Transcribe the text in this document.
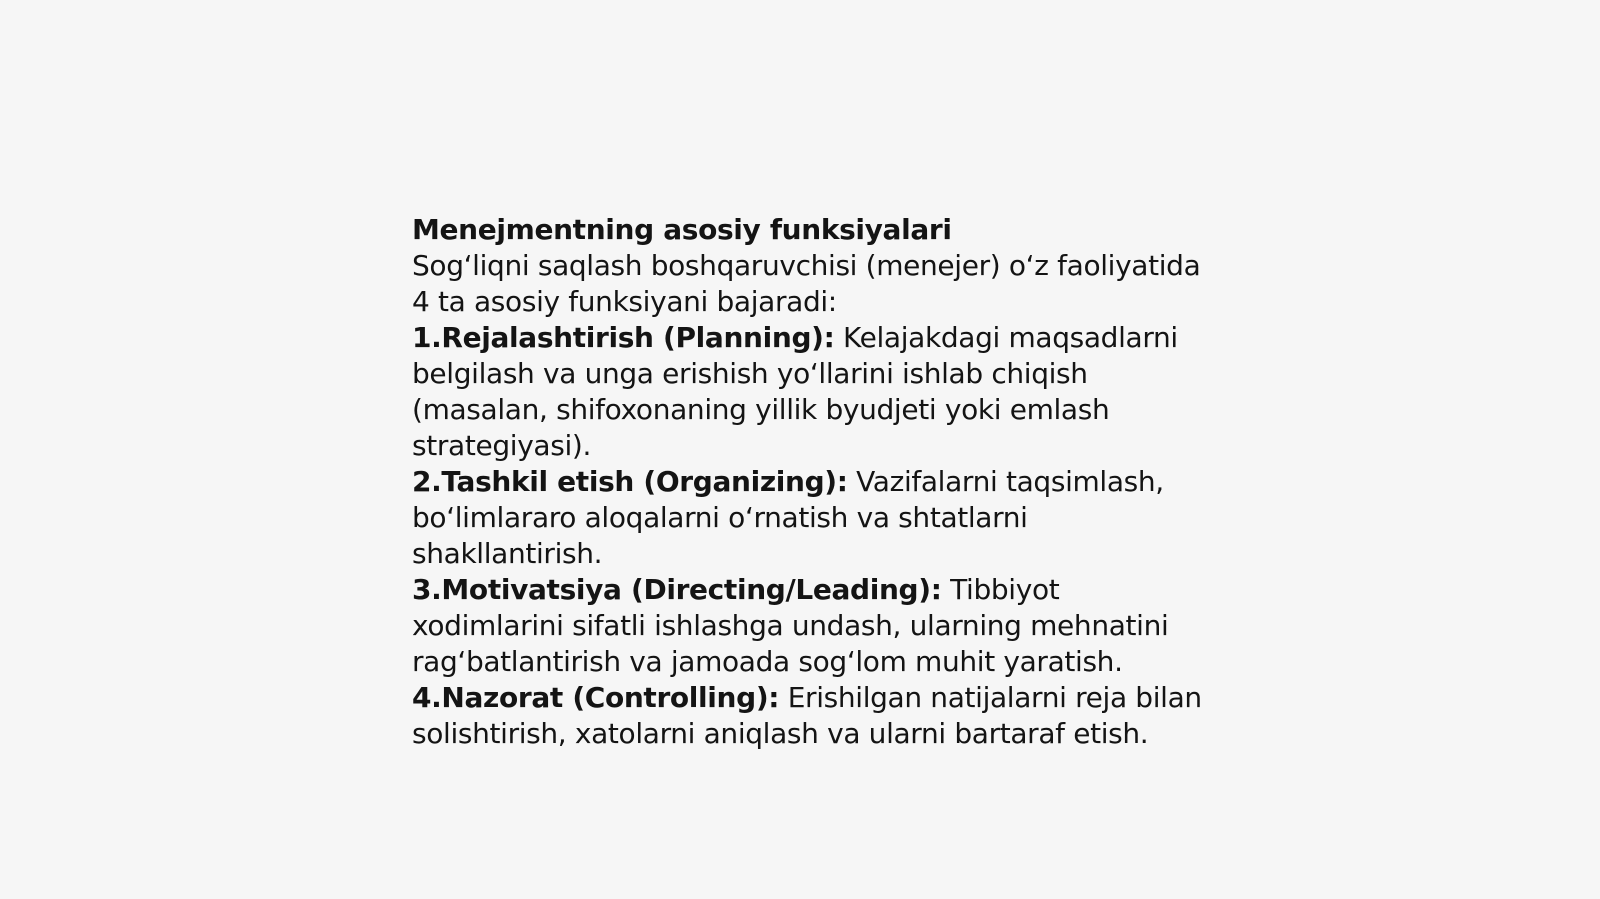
Menejmentning asosiy funksiyalari

Sog‘liqni saqlash boshqaruvchisi (menejer) o‘z faoliyatida 4 ta asosiy funksiyani bajaradi:

1.Rejalashtirish (Planning): Kelajakdagi maqsadlarni belgilash va unga erishish yo‘llarini ishlab chiqish (masalan, shifoxonaning yillik byudjeti yoki emlash strategiyasi).

2.Tashkil etish (Organizing): Vazifalarni taqsimlash, bo‘limlararo aloqalarni o‘rnatish va shtatlarni shakllantirish.

3.Motivatsiya (Directing/Leading): Tibbiyot xodimlarini sifatli ishlashga undash, ularning mehnatini rag‘batlantirish va jamoada sog‘lom muhit yaratish.

4.Nazorat (Controlling): Erishilgan natijalarni reja bilan solishtirish, xatolarni aniqlash va ularni bartaraf etish.
